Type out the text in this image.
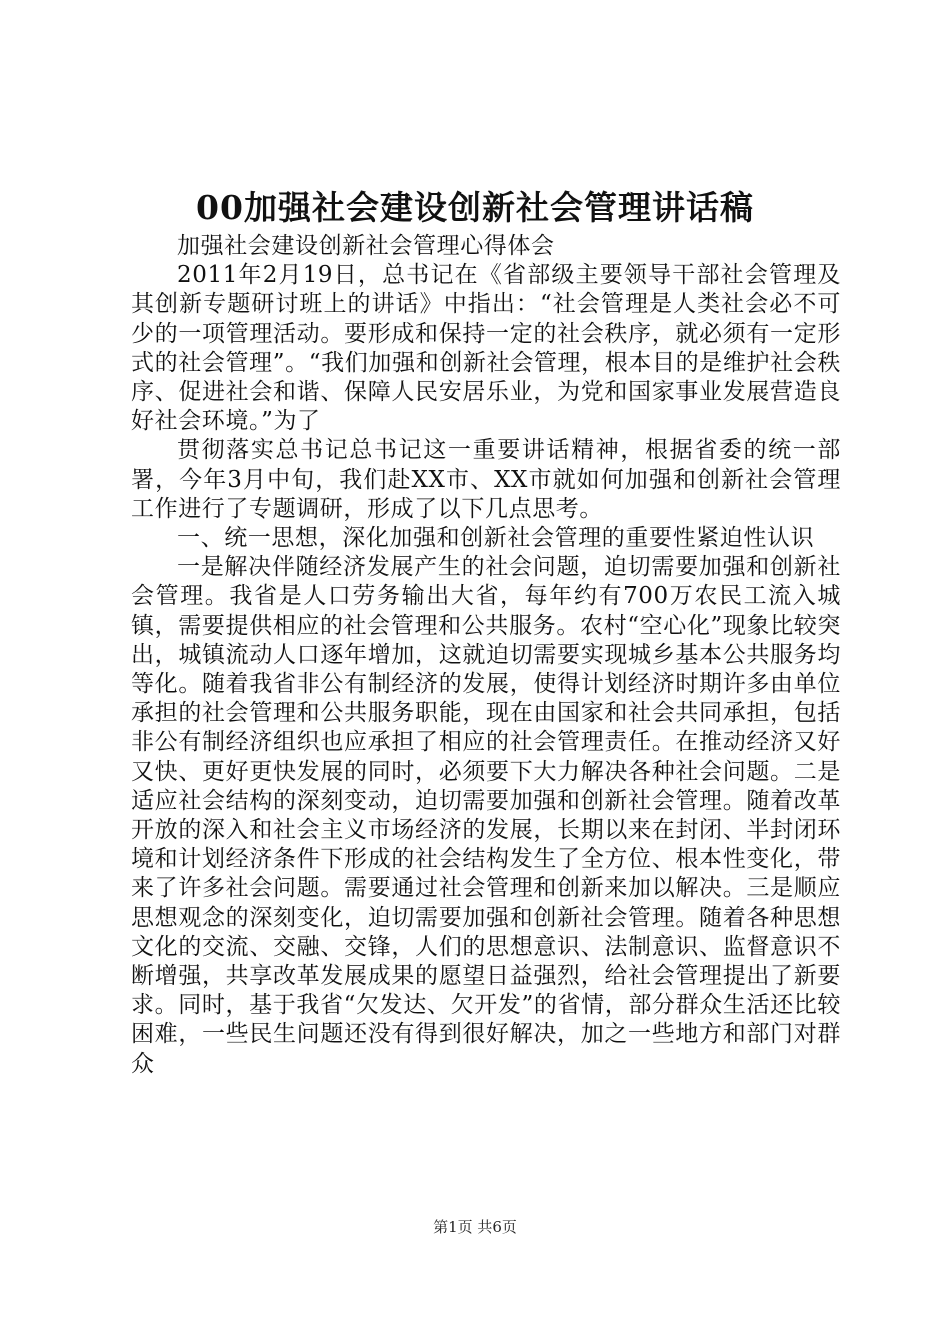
00加强社会建设创新社会管理讲话稿

加强社会建设创新社会管理心得体会

2011年2月19日，总书记在《省部级主要领导干部社会管理及其创新专题研讨班上的讲话》中指出：“社会管理是人类社会必不可少的一项管理活动。要形成和保持一定的社会秩序，就必须有一定形式的社会管理”。“我们加强和创新社会管理，根本目的是维护社会秩序、促进社会和谐、保障人民安居乐业，为党和国家事业发展营造良好社会环境。”为了

贯彻落实总书记总书记这一重要讲话精神，根据省委的统一部署，今年3月中旬，我们赴XX市、XX市就如何加强和创新社会管理工作进行了专题调研，形成了以下几点思考。

一、统一思想，深化加强和创新社会管理的重要性紧迫性认识

一是解决伴随经济发展产生的社会问题，迫切需要加强和创新社会管理。我省是人口劳务输出大省，每年约有700万农民工流入城镇，需要提供相应的社会管理和公共服务。农村“空心化”现象比较突出，城镇流动人口逐年增加，这就迫切需要实现城乡基本公共服务均等化。随着我省非公有制经济的发展，使得计划经济时期许多由单位承担的社会管理和公共服务职能，现在由国家和社会共同承担，包括非公有制经济组织也应承担了相应的社会管理责任。在推动经济又好又快、更好更快发展的同时，必须要下大力解决各种社会问题。二是适应社会结构的深刻变动，迫切需要加强和创新社会管理。随着改革开放的深入和社会主义市场经济的发展，长期以来在封闭、半封闭环境和计划经济条件下形成的社会结构发生了全方位、根本性变化，带来了许多社会问题。需要通过社会管理和创新来加以解决。三是顺应思想观念的深刻变化，迫切需要加强和创新社会管理。随着各种思想文化的交流、交融、交锋，人们的思想意识、法制意识、监督意识不断增强，共享改革发展成果的愿望日益强烈，给社会管理提出了新要求。同时，基于我省“欠发达、欠开发”的省情，部分群众生活还比较困难，一些民生问题还没有得到很好解决，加之一些地方和部门对群众

第1页 共6页
